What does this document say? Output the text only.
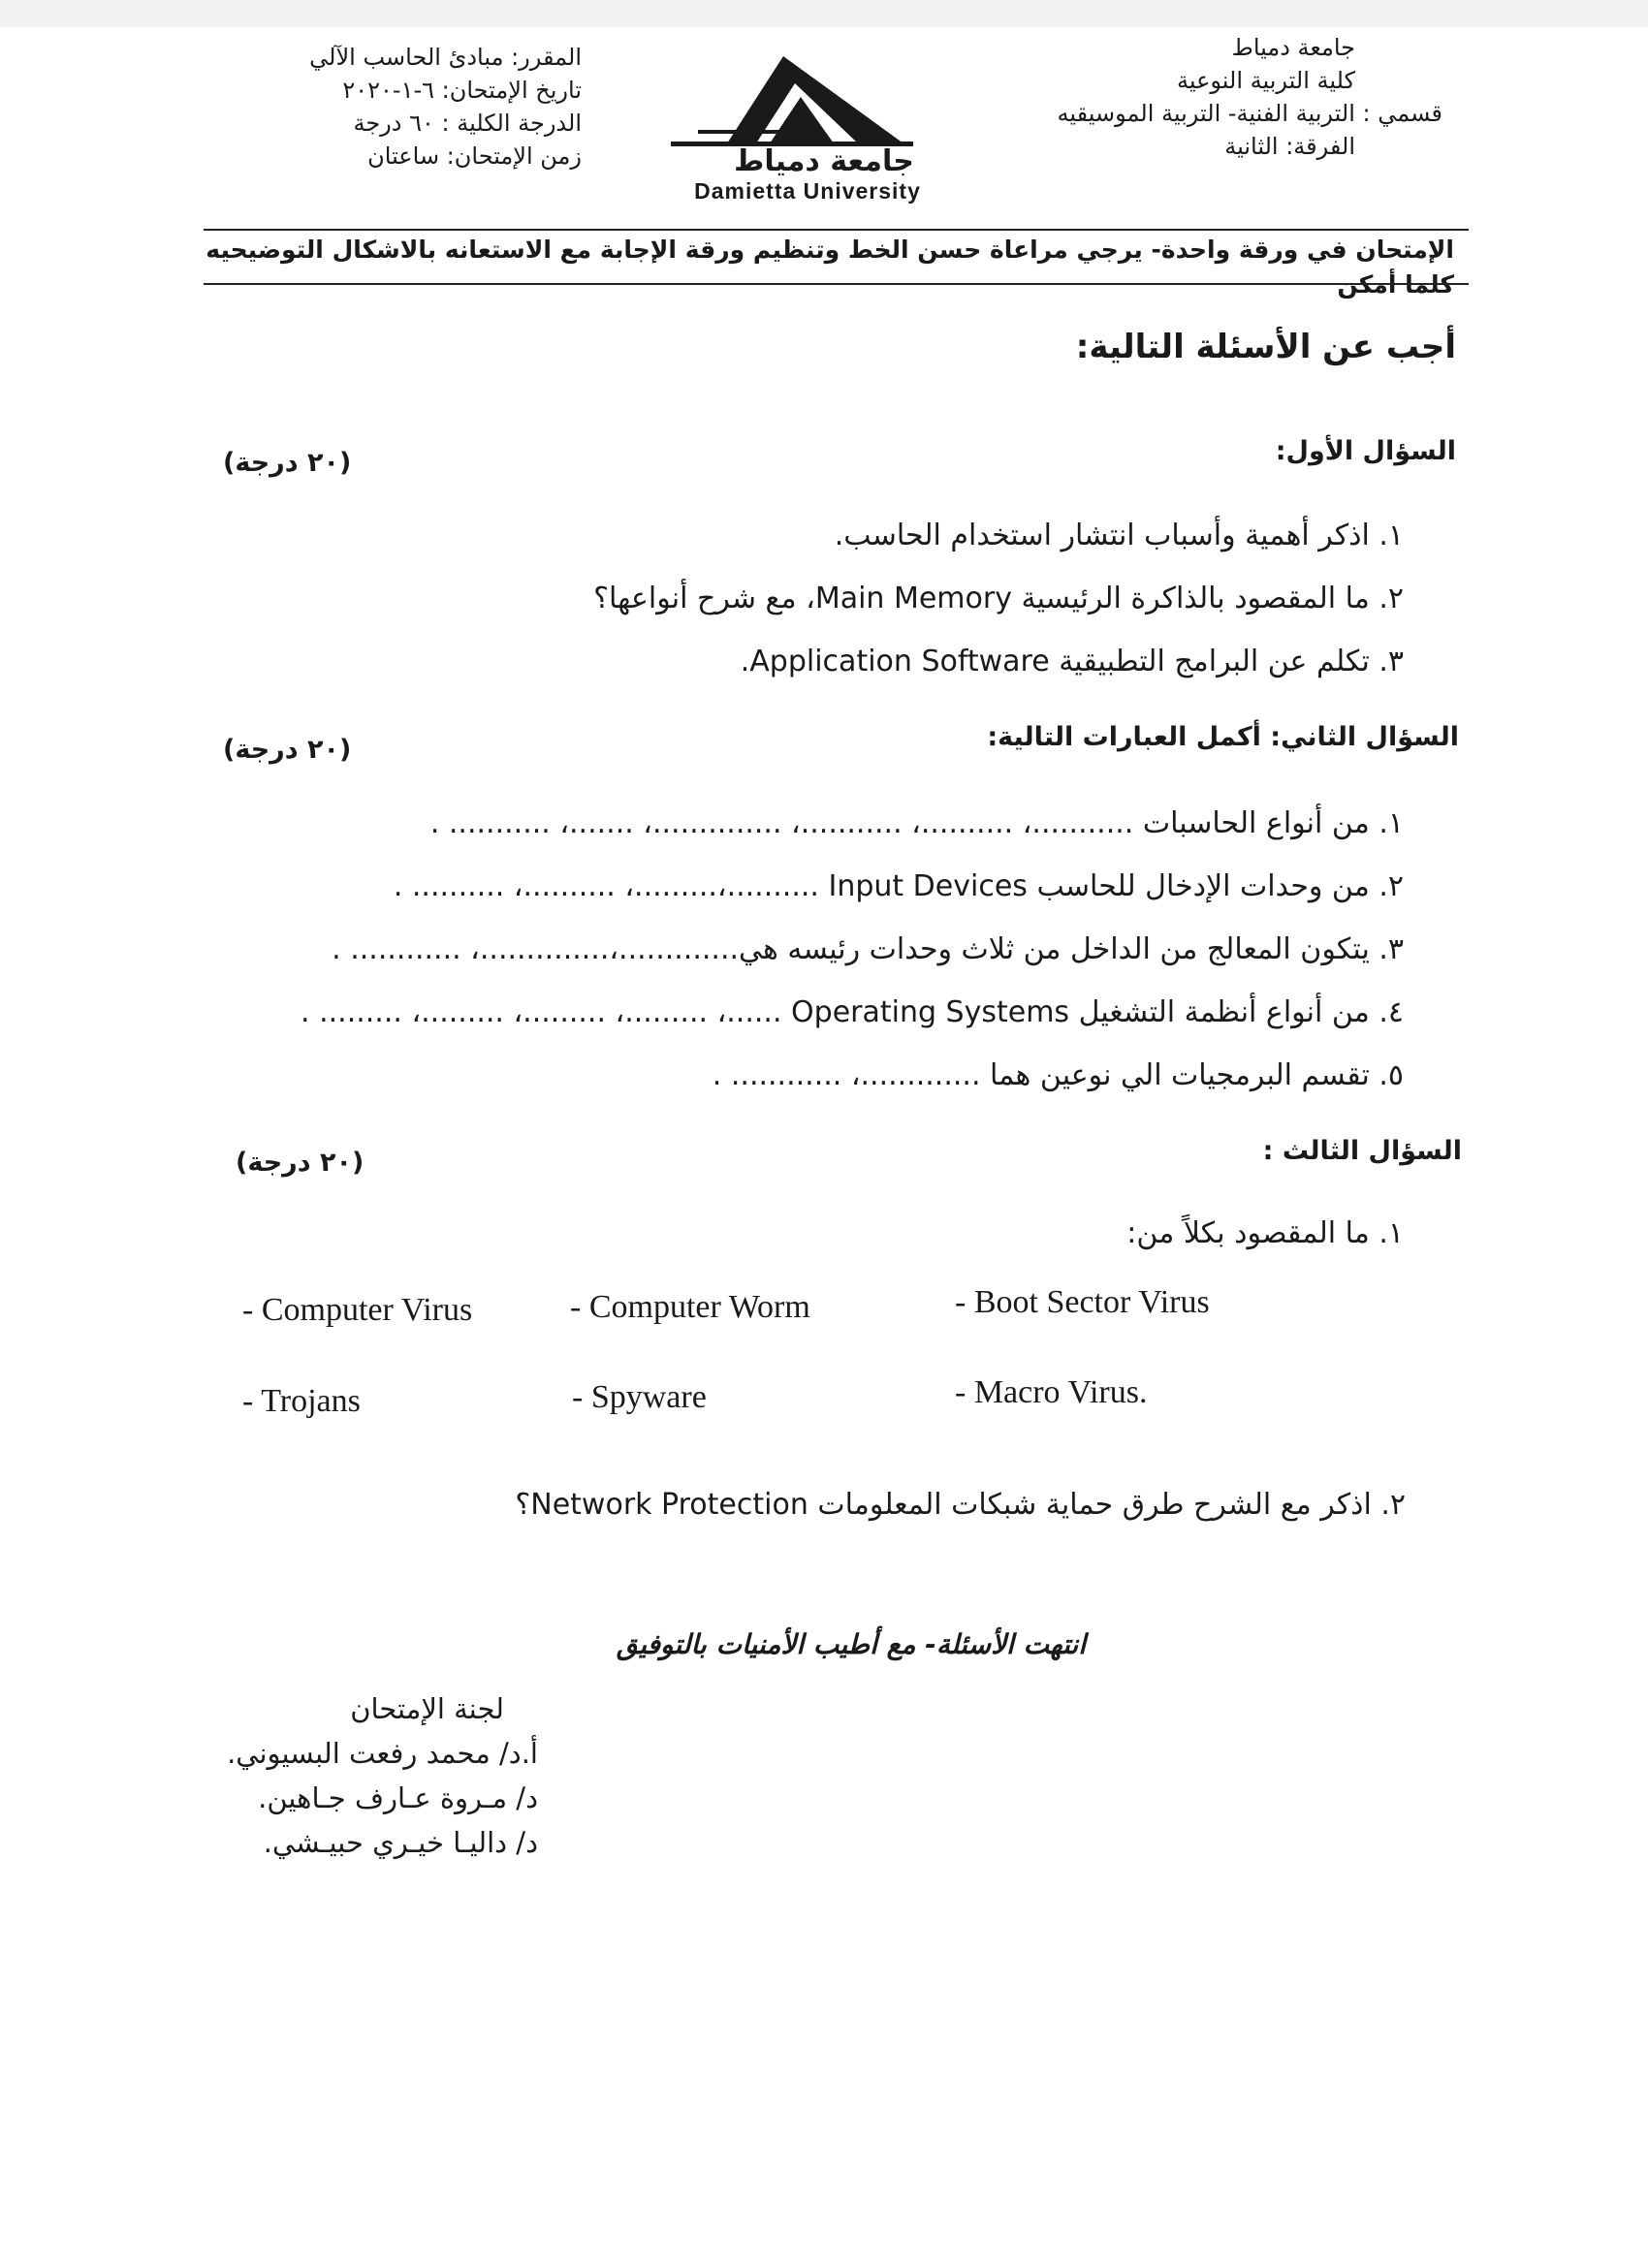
جامعة دمياط
كلية التربية النوعية
قسمي : التربية الفنية- التربية الموسيقيه
الفرقة: الثانية
المقرر: مبادئ الحاسب الآلي
تاريخ الإمتحان: ٦-١-٢٠٢٠
الدرجة الكلية : ٦٠ درجة
زمن الإمتحان: ساعتان	جامعة دمياط
Damietta University
الإمتحان في ورقة واحدة- يرجي مراعاة حسن الخط وتنظيم ورقة الإجابة مع الاستعانه بالاشكال التوضيحيه كلما أمكن
أجب عن الأسئلة التالية:
السؤال الأول:
(٢٠ درجة)
١. اذكر أهمية وأسباب انتشار استخدام الحاسب.
٢. ما المقصود بالذاكرة الرئيسية Main Memory، مع شرح أنواعها؟
٣. تكلم عن البرامج التطبيقية Application Software.
السؤال الثاني: أكمل العبارات التالية:
(٢٠ درجة)
١. من أنواع الحاسبات ...........، ..........، ...........، ..............، .......، ........... .
٢. من وحدات الإدخال للحاسب Input Devices ..........،.........، ..........، .......... .
٣. يتكون المعالج من الداخل من ثلاث وحدات رئيسه هي.............،..............، ............ .
٤. من أنواع أنظمة التشغيل Operating Systems ......، .........، .........، .........، ......... .
٥. تقسم البرمجيات الي نوعين هما .............، ............ .
السؤال الثالث :
(٢٠ درجة)
١. ما المقصود بكلاً من:
- Boot Sector Virus
- Computer Worm
- Computer Virus
- Macro Virus.
- Spyware
- Trojans
٢. اذكر مع الشرح طرق حماية شبكات المعلومات Network Protection؟
انتهت الأسئلة- مع أطيب الأمنيات بالتوفيق
لجنة الإمتحان
أ.د/ محمد رفعت البسيوني.
د/ مـروة عـارف جـاهين.
د/ داليـا خيـري حبيـشي.
